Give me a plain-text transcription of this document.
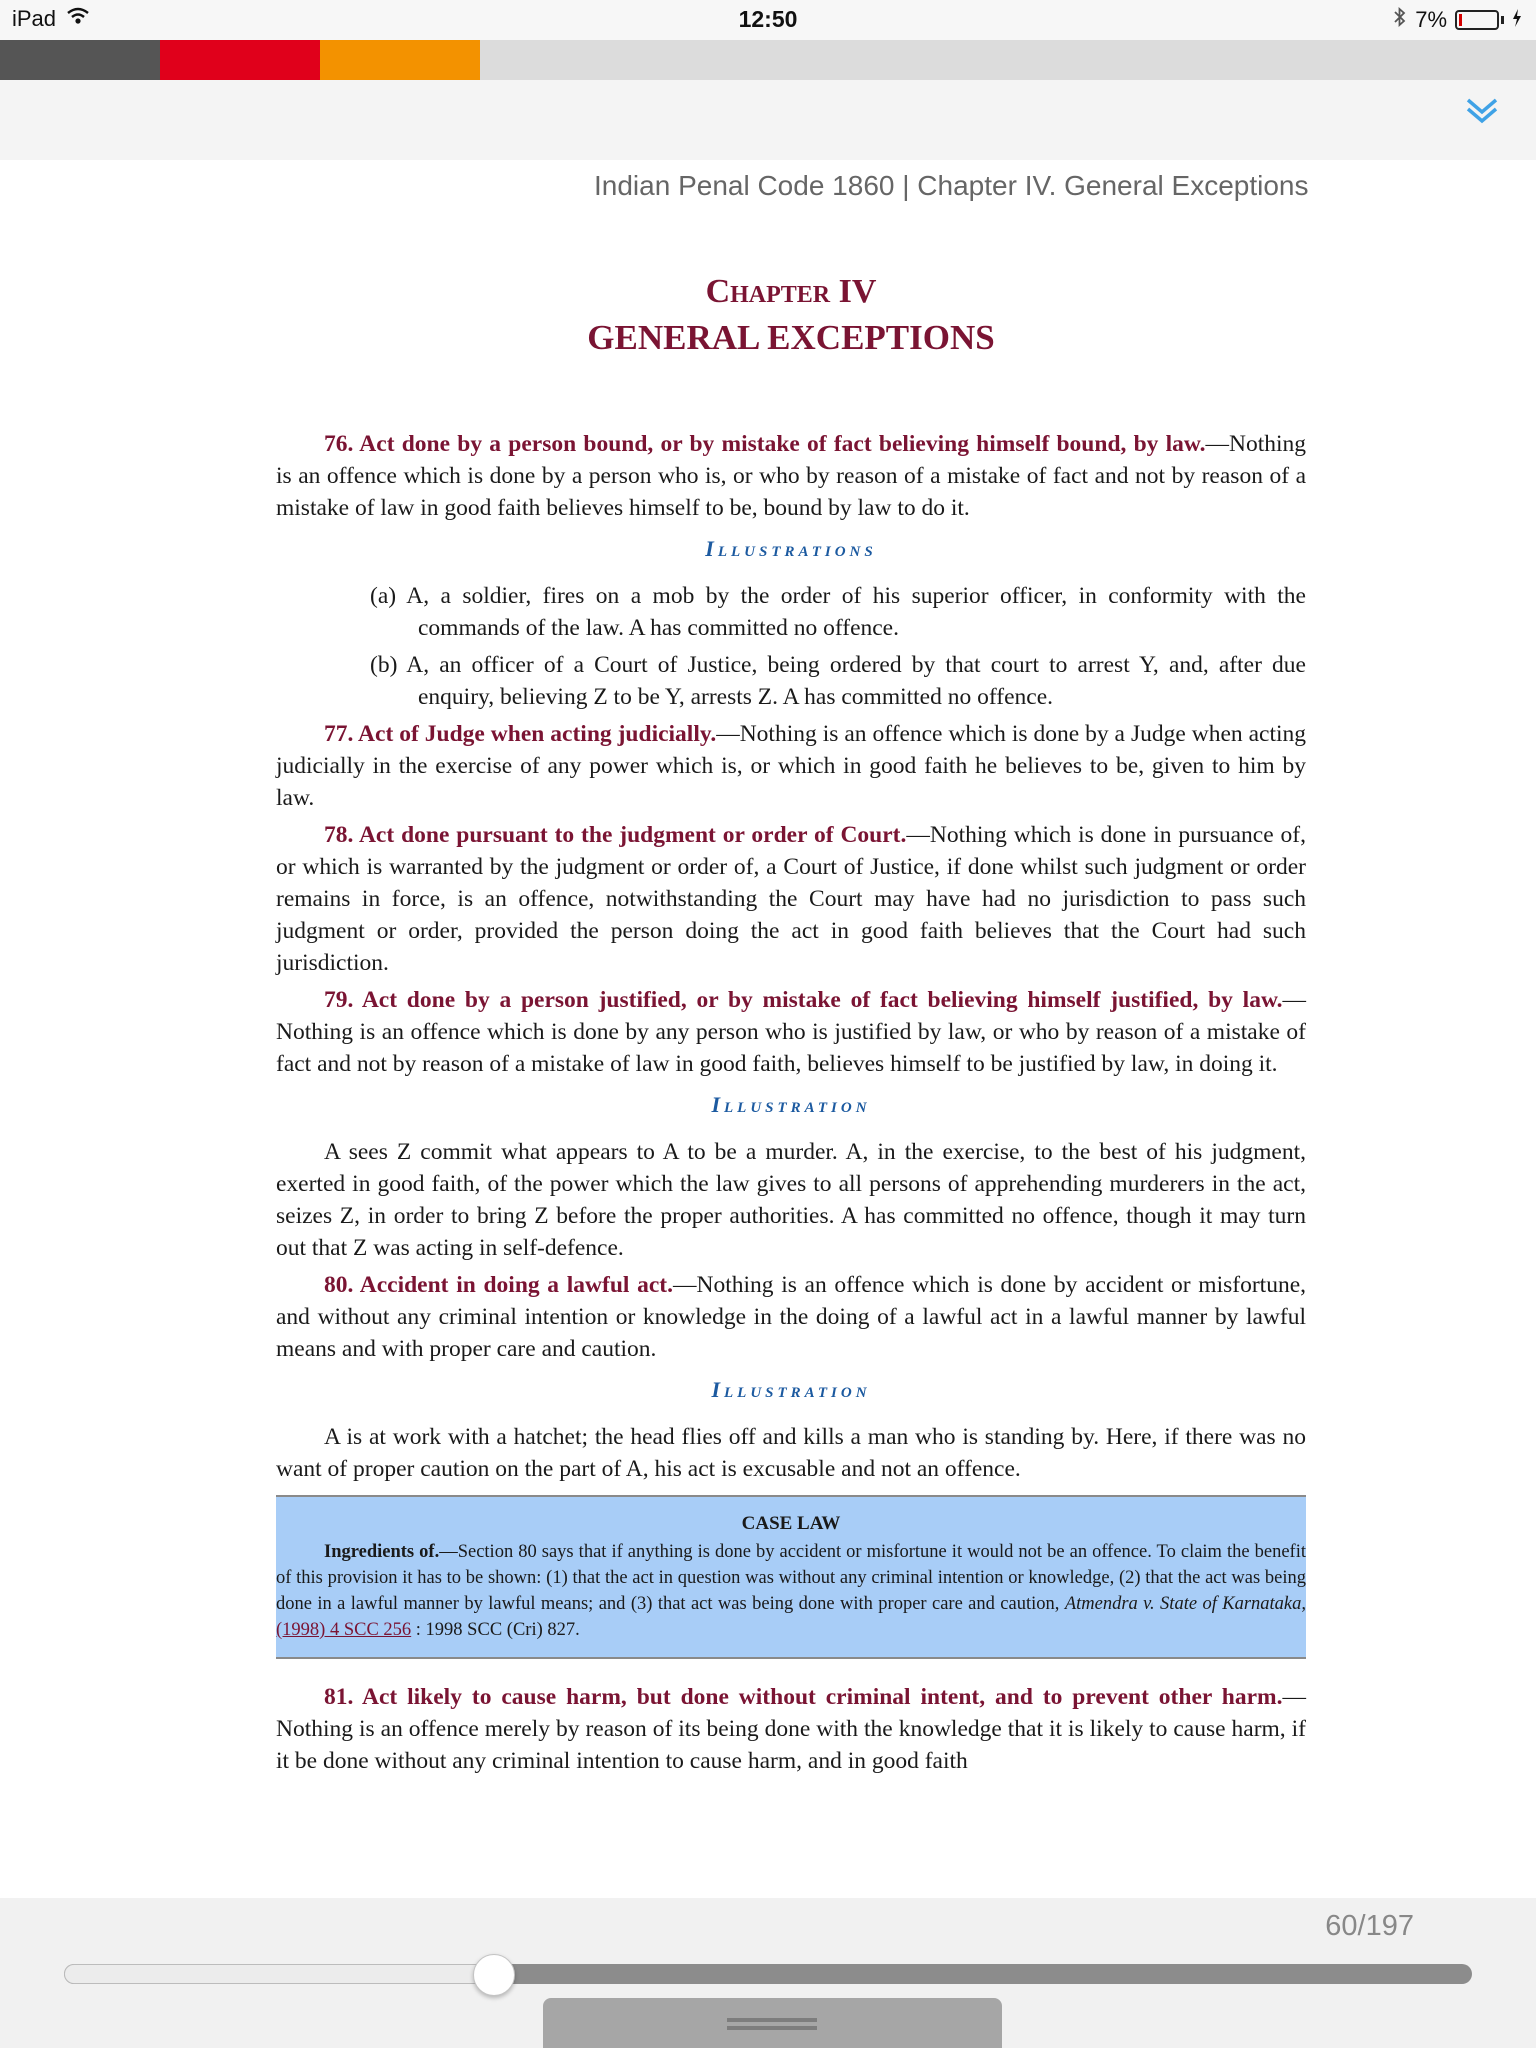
iPad	12:50	7%
Indian Penal Code 1860 | Chapter IV. General Exceptions
Chapter IV
GENERAL EXCEPTIONS

76. Act done by a person bound, or by mistake of fact believing himself bound, by law.—Nothing is an offence which is done by a person who is, or who by reason of a mistake of fact and not by reason of a mistake of law in good faith believes himself to be, bound by law to do it.

Illustrations

(a) A, a soldier, fires on a mob by the order of his superior officer, in conformity with the commands of the law. A has committed no offence.

(b) A, an officer of a Court of Justice, being ordered by that court to arrest Y, and, after due enquiry, believing Z to be Y, arrests Z. A has committed no offence.

77. Act of Judge when acting judicially.—Nothing is an offence which is done by a Judge when acting judicially in the exercise of any power which is, or which in good faith he believes to be, given to him by law.

78. Act done pursuant to the judgment or order of Court.—Nothing which is done in pursuance of, or which is warranted by the judgment or order of, a Court of Justice, if done whilst such judgment or order remains in force, is an offence, notwithstanding the Court may have had no jurisdiction to pass such judgment or order, provided the person doing the act in good faith believes that the Court had such jurisdiction.

79. Act done by a person justified, or by mistake of fact believing himself justified, by law.—Nothing is an offence which is done by any person who is justified by law, or who by reason of a mistake of fact and not by reason of a mistake of law in good faith, believes himself to be justified by law, in doing it.

Illustration

A sees Z commit what appears to A to be a murder. A, in the exercise, to the best of his judgment, exerted in good faith, of the power which the law gives to all persons of apprehending murderers in the act, seizes Z, in order to bring Z before the proper authorities. A has committed no offence, though it may turn out that Z was acting in self-defence.

80. Accident in doing a lawful act.—Nothing is an offence which is done by accident or misfortune, and without any criminal intention or knowledge in the doing of a lawful act in a lawful manner by lawful means and with proper care and caution.

Illustration

A is at work with a hatchet; the head flies off and kills a man who is standing by. Here, if there was no want of proper caution on the part of A, his act is excusable and not an offence.

CASE LAW
Ingredients of.—Section 80 says that if anything is done by accident or misfortune it would not be an offence. To claim the benefit of this provision it has to be shown: (1) that the act in question was without any criminal intention or knowledge, (2) that the act was being done in a lawful manner by lawful means; and (3) that act was being done with proper care and caution, Atmendra v. State of Karnataka, (1998) 4 SCC 256 : 1998 SCC (Cri) 827.

81. Act likely to cause harm, but done without criminal intent, and to prevent other harm.—Nothing is an offence merely by reason of its being done with the knowledge that it is likely to cause harm, if it be done without any criminal intention to cause harm, and in good faith

60/197
